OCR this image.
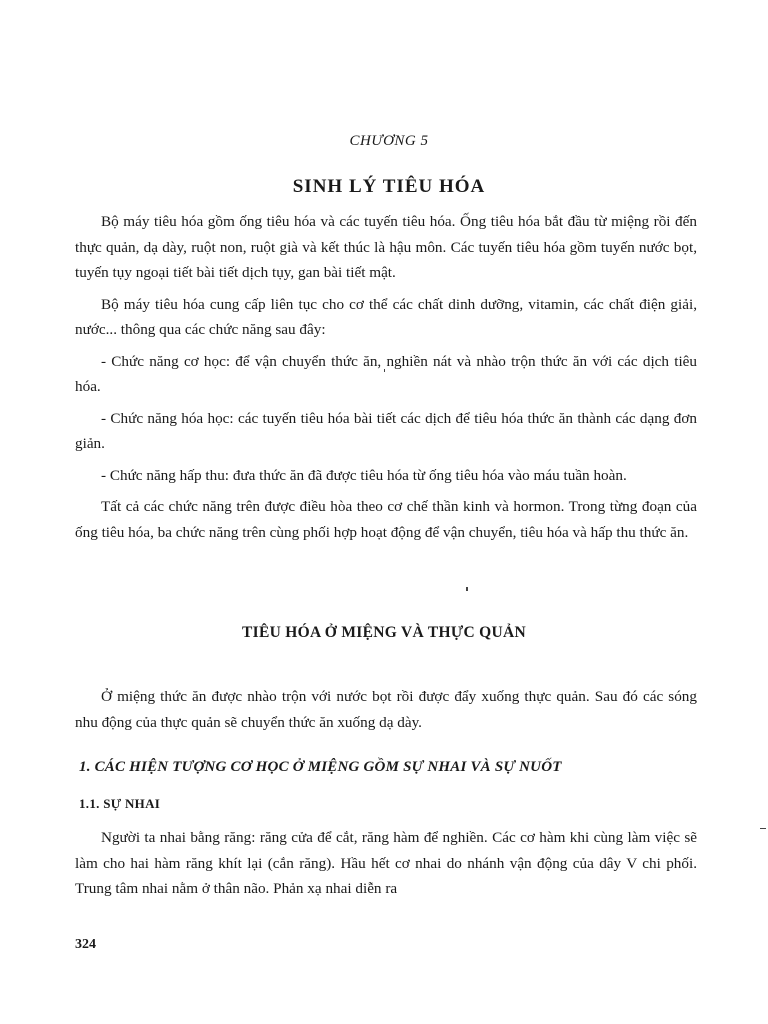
CHƯƠNG 5
SINH LÝ TIÊU HÓA

Bộ máy tiêu hóa gồm ống tiêu hóa và các tuyến tiêu hóa. Ống tiêu hóa bắt đầu từ miệng rồi đến thực quản, dạ dày, ruột non, ruột già và kết thúc là hậu môn. Các tuyến tiêu hóa gồm tuyến nước bọt, tuyến tụy ngoại tiết bài tiết dịch tụy, gan bài tiết mật.

Bộ máy tiêu hóa cung cấp liên tục cho cơ thể các chất dinh dưỡng, vitamin, các chất điện giải, nước... thông qua các chức năng sau đây:

- Chức năng cơ học: để vận chuyển thức ăn, nghiền nát và nhào trộn thức ăn với các dịch tiêu hóa.

- Chức năng hóa học: các tuyến tiêu hóa bài tiết các dịch để tiêu hóa thức ăn thành các dạng đơn giản.

- Chức năng hấp thu: đưa thức ăn đã được tiêu hóa từ ống tiêu hóa vào máu tuần hoàn.

Tất cả các chức năng trên được điều hòa theo cơ chế thần kinh và hormon. Trong từng đoạn của ống tiêu hóa, ba chức năng trên cùng phối hợp hoạt động để vận chuyển, tiêu hóa và hấp thu thức ăn.

TIÊU HÓA Ở MIỆNG VÀ THỰC QUẢN

Ở miệng thức ăn được nhào trộn với nước bọt rồi được đẩy xuống thực quản. Sau đó các sóng nhu động của thực quản sẽ chuyển thức ăn xuống dạ dày.

1. CÁC HIỆN TƯỢNG CƠ HỌC Ở MIỆNG GỒM SỰ NHAI VÀ SỰ NUỐT
1.1. SỰ NHAI

Người ta nhai bằng răng: răng cửa để cắt, răng hàm để nghiền. Các cơ hàm khi cùng làm việc sẽ làm cho hai hàm răng khít lại (cắn răng). Hầu hết cơ nhai do nhánh vận động của dây V chi phối. Trung tâm nhai nằm ở thân não. Phản xạ nhai diễn ra

324
